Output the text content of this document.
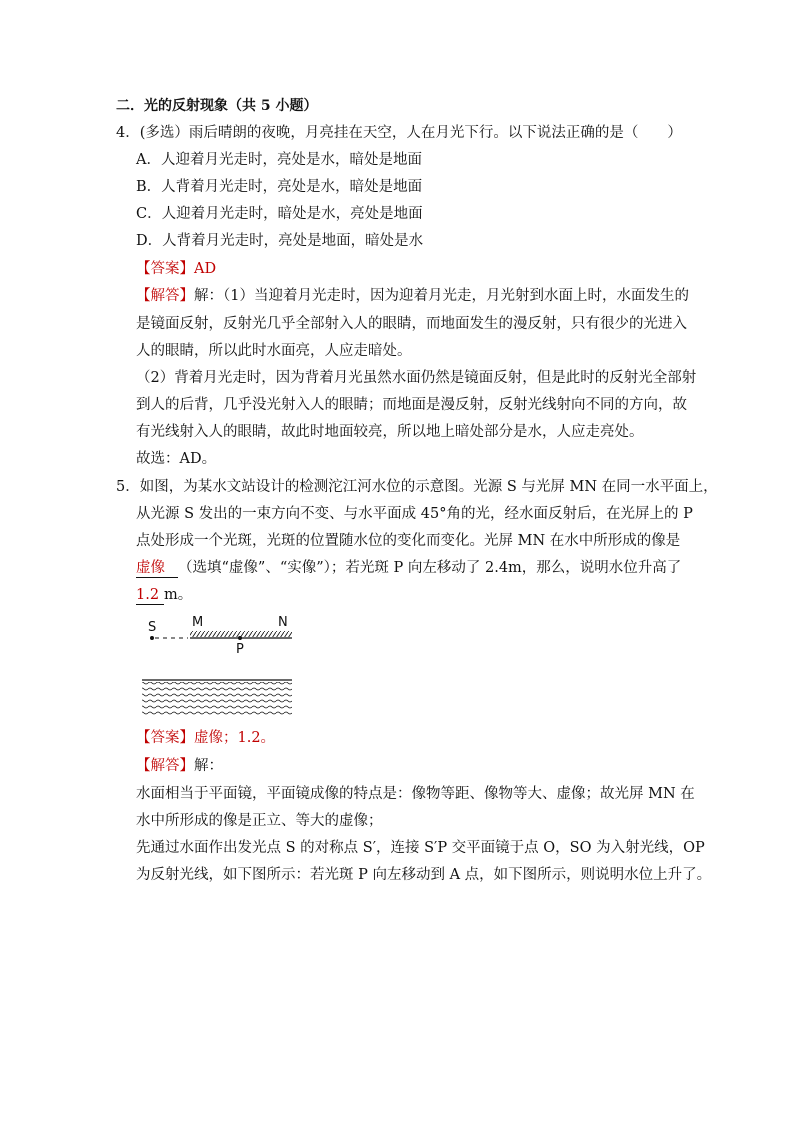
二．光的反射现象（共 5 小题）
4．(多选）雨后晴朗的夜晚，月亮挂在天空，人在月光下行。以下说法正确的是（　　）
A．人迎着月光走时，亮处是水，暗处是地面
B．人背着月光走时，亮处是水，暗处是地面
C．人迎着月光走时，暗处是水，亮处是地面
D．人背着月光走时，亮处是地面，暗处是水
【答案】AD
【解答】解：（1）当迎着月光走时，因为迎着月光走，月光射到水面上时，水面发生的
是镜面反射，反射光几乎全部射入人的眼睛，而地面发生的漫反射，只有很少的光进入
人的眼睛，所以此时水面亮，人应走暗处。
（2）背着月光走时，因为背着月光虽然水面仍然是镜面反射，但是此时的反射光全部射
到人的后背，几乎没光射入人的眼睛；而地面是漫反射，反射光线射向不同的方向，故
有光线射入人的眼睛，故此时地面较亮，所以地上暗处部分是水，人应走亮处。
故选：AD。
5．如图，为某水文站设计的检测沱江河水位的示意图。光源 S 与光屏 MN 在同一水平面上，
从光源 S 发出的一束方向不变、与水平面成 45°角的光，经水面反射后，在光屏上的 P
点处形成一个光斑，光斑的位置随水位的变化而变化。光屏 MN 在水中所形成的像是
虚像 （选填“虚像”、“实像”）；若光斑 P 向左移动了 2.4m，那么，说明水位升高了
1.2 m。
S	M	N
P
【答案】虚像；1.2。
【解答】解：
水面相当于平面镜，平面镜成像的特点是：像物等距、像物等大、虚像；故光屏 MN 在
水中所形成的像是正立、等大的虚像；
先通过水面作出发光点 S 的对称点 S′，连接 S′P 交平面镜于点 O，SO 为入射光线，OP
为反射光线，如下图所示：若光斑 P 向左移动到 A 点，如下图所示，则说明水位上升了。
